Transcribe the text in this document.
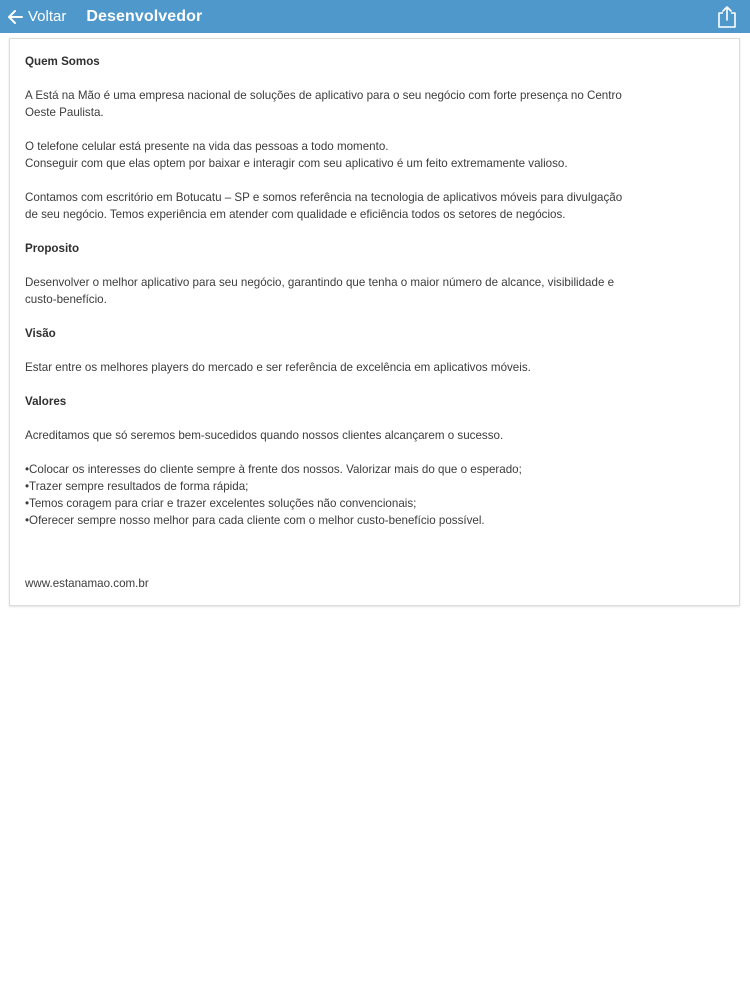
Voltar Desenvolvedor

Quem Somos

A Está na Mão é uma empresa nacional de soluções de aplicativo para o seu negócio com forte presença no Centro

Oeste Paulista.

O telefone celular está presente na vida das pessoas a todo momento.

Conseguir com que elas optem por baixar e interagir com seu aplicativo é um feito extremamente valioso.

Contamos com escritório em Botucatu – SP e somos referência na tecnologia de aplicativos móveis para divulgação

de seu negócio. Temos experiência em atender com qualidade e eficiência todos os setores de negócios.

Proposito

Desenvolver o melhor aplicativo para seu negócio, garantindo que tenha o maior número de alcance, visibilidade e

custo-benefício.

Visão

Estar entre os melhores players do mercado e ser referência de excelência em aplicativos móveis.

Valores

Acreditamos que só seremos bem-sucedidos quando nossos clientes alcançarem o sucesso.

•Colocar os interesses do cliente sempre à frente dos nossos. Valorizar mais do que o esperado;

•Trazer sempre resultados de forma rápida;

•Temos coragem para criar e trazer excelentes soluções não convencionais;

•Oferecer sempre nosso melhor para cada cliente com o melhor custo-benefício possível.

www.estanamao.com.br
